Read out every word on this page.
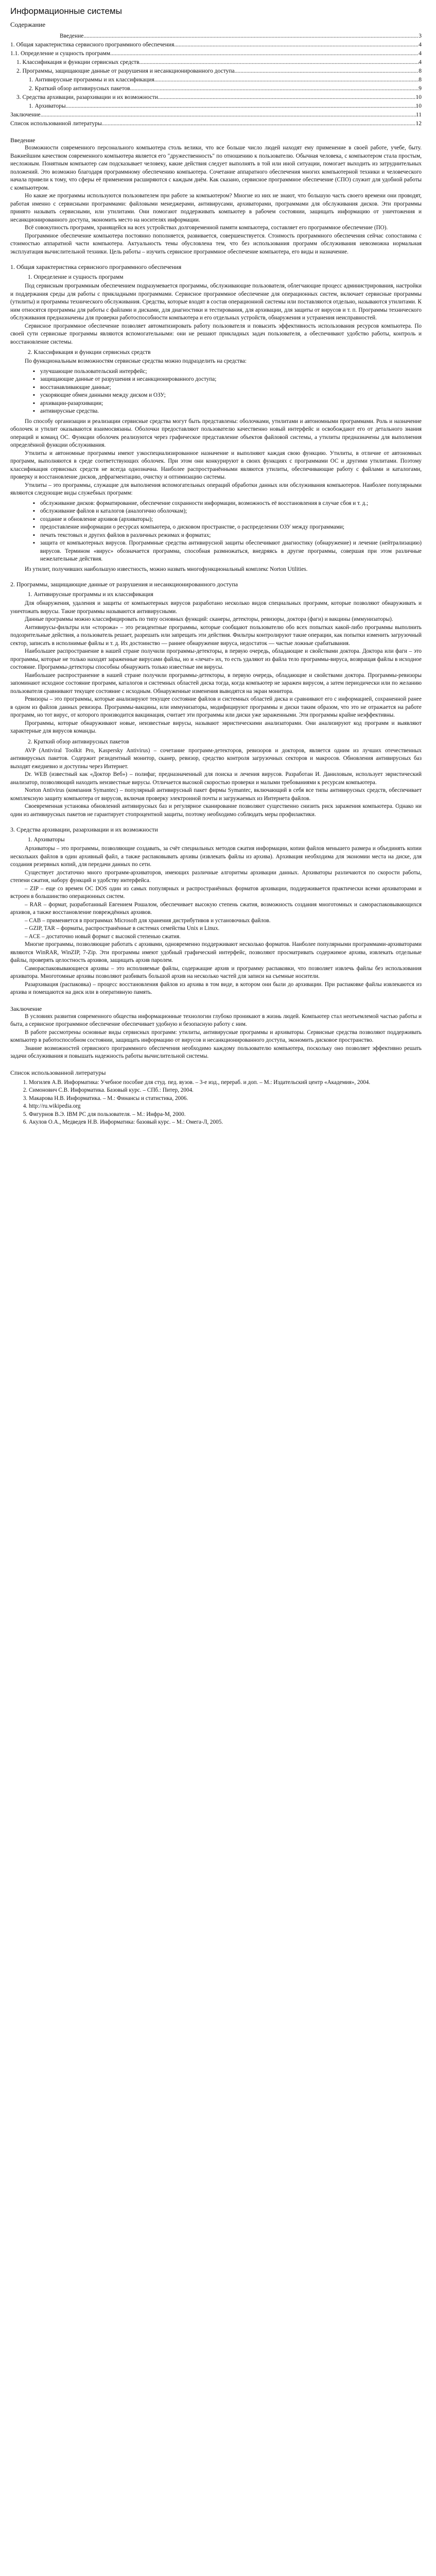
Информационные системы
Содержание
Введение .....	3
1. Общая характеристика сервисного программного обеспечения .....	4
1.1. Определение и сущность программ .....	4
1. Классификация и функции сервисных средств .....	4
2. Программы, защищающие данные от разрушения и несанкционированного доступа .....	8
1. Антивирусные программы и их классификация .....	8
2. Краткий обзор антивирусных пакетов .....	9
3. Средства архивации, разархивации и их возможности .....	10
1. Архиваторы .....	10
Заключение .....	11
Список использованной литературы .....	12
Введение

Возможности современного персонального компьютера столь велики, что все больше число людей находят ему применение в своей работе, учебе, быту. Важнейшим качеством современного компьютера является его "дружественность" по отношению к пользователю. Обычная человека, с компьютером стала простым, несложным. Понятным компьютер сам подсказывает человеку, какие действия следует выполнять в той или иной ситуации, помогает выходить из затруднительных положений. Это возможно благодаря программному обеспечению компьютера. Сочетание аппаратного обеспечения многих компьютерной техники и человеческого начала привели к тому, что сферы её применения расширяются с каждым днём. Как сказано, сервисное программное обеспечение (СПО) служит для удобной работы с компьютером.

Но какие же программы используются пользователем при работе за компьютером? Многие из них не знают, что большую часть своего времени они проводят, работая именно с сервисными программами: файловыми менеджерами, антивирусами, архиваторами, программами для обслуживания дисков. Эти программы принято называть сервисными, или утилитами. Они помогают поддерживать компьютер в рабочем состоянии, защищать информацию от уничтожения и несанкционированного доступа, экономить место на носителях информации.

Всё совокупность программ, хранящейся на всех устройствах долговременной памяти компьютера, составляет его программное обеспечение (ПО).

Программное обеспечение компьютера постоянно пополняется, развивается, совершенствуется. Стоимость программного обеспечения сейчас сопоставима с стоимостью аппаратной части компьютера. Актуальность темы обусловлена тем, что без использования программ обслуживания невозможна нормальная эксплуатация вычислительной техники. Цель работы – изучить сервисное программное обеспечение компьютера, его виды и назначение.

1. Общая характеристика сервисного программного обеспечения
1. Определение и сущность программ

Под сервисным программным обеспечением подразумевается программы, обслуживающие пользователя, облегчающие процесс администрирования, настройки и поддержания среды для работы с прикладными программами. Сервисное программное обеспечение для операционных систем, включает сервисные программы (утилиты) и программы технического обслуживания. Средства, которые входят в состав операционной системы или поставляются отдельно, называются утилитами. К ним относятся программы для работы с файлами и дисками, для диагностики и тестирования, для архивации, для защиты от вирусов и т. п. Программы технического обслуживания предназначены для проверки работоспособности компьютера и его отдельных устройств, обнаружения и устранения неисправностей.

Сервисное программное обеспечение позволяет автоматизировать работу пользователя и повысить эффективность использования ресурсов компьютера. По своей сути сервисные программы являются вспомогательными: они не решают прикладных задач пользователя, а обеспечивают удобство работы, контроль и восстановление системы.

2. Классификация и функции сервисных средств

По функциональным возможностям сервисные средства можно подразделить на средства:

▪ улучшающие пользовательский интерфейс;
▪ защищающие данные от разрушения и несанкционированного доступа;
▪ восстанавливающие данные;
▪ ускоряющие обмен данными между диском и ОЗУ;
▪ архивации-разархивации;
▪ антивирусные средства.

По способу организации и реализации сервисные средства могут быть представлены: оболочками, утилитами и автономными программами. Роль и назначение оболочек и утилит оказываются взаимосвязаны. Оболочки предоставляют пользователю качественно новый интерфейс и освобождают его от детального знания операций и команд ОС. Функции оболочек реализуются через графическое представление объектов файловой системы, а утилиты предназначены для выполнения определённой функции обслуживания.

Утилиты и автономные программы имеют узкоспециализированное назначение и выполняют каждая свою функцию. Утилиты, в отличие от автономных программ, выполняются в среде соответствующих оболочек. При этом они конкурируют в своих функциях с программами ОС и другими утилитами. Поэтому классификация сервисных средств не всегда однозначна. Наиболее распространёнными являются утилиты, обеспечивающие работу с файлами и каталогами, проверку и восстановление дисков, дефрагментацию, очистку и оптимизацию системы.

Утилиты – это программы, служащие для выполнения вспомогательных операций обработки данных или обслуживания компьютеров. Наиболее популярными являются следующие виды служебных программ:

▪ обслуживание дисков: форматирование, обеспечение сохранности информации, возможность её восстановления в случае сбоя и т. д.;
▪ обслуживание файлов и каталогов (аналогично оболочкам);
▪ создание и обновление архивов (архиваторы);
▪ предоставление информации о ресурсах компьютера, о дисковом пространстве, о распределении ОЗУ между программами;
▪ печать текстовых и других файлов в различных режимах и форматах;
▪ защита от компьютерных вирусов. Программные средства антивирусной защиты обеспечивают диагностику (обнаружение) и лечение (нейтрализацию) вирусов. Термином «вирус» обозначается программа, способная размножаться, внедряясь в другие программы, совершая при этом различные нежелательные действия.

Из утилит, получивших наибольшую известность, можно назвать многофункциональный комплекс Norton Utilities.

2. Программы, защищающие данные от разрушения и несанкционированного доступа
1. Антивирусные программы и их классификация

Для обнаружения, удаления и защиты от компьютерных вирусов разработано несколько видов специальных программ, которые позволяют обнаруживать и уничтожать вирусы. Такие программы называются антивирусными.

Данные программы можно классифицировать по типу основных функций: сканеры, детекторы, ревизоры, доктора (фаги) и вакцины (иммунизаторы).

Антивирусы-фильтры или «сторожа» – это резидентные программы, которые сообщают пользователю обо всех попытках какой-либо программы выполнить подозрительные действия, а пользователь решает, разрешать или запрещать эти действия. Фильтры контролируют такие операции, как попытки изменить загрузочный сектор, записать в исполнимые файлы и т. д. Их достоинство — раннее обнаружение вируса, недостаток — частые ложные срабатывания.

Наибольшее распространение в нашей стране получили программы-детекторы, в первую очередь, обладающие и свойствами доктора. Доктора или фаги – это программы, которые не только находят зараженные вирусами файлы, но и «лечат» их, то есть удаляют из файла тело программы-вируса, возвращая файлы в исходное состояние. Программы-детекторы способны обнаружить только известные им вирусы.

Наибольшее распространение в нашей стране получили программы-детекторы, в первую очередь, обладающие и свойствами доктора. Программы-ревизоры запоминают исходное состояние программ, каталогов и системных областей диска тогда, когда компьютер не заражен вирусом, а затем периодически или по желанию пользователя сравнивают текущее состояние с исходным. Обнаруженные изменения выводятся на экран монитора.

Ревизоры – это программы, которые анализируют текущее состояние файлов и системных областей диска и сравнивают его с информацией, сохраненной ранее в одном из файлов данных ревизора. Программы-вакцины, или иммунизаторы, модифицируют программы и диски таким образом, что это не отражается на работе программ, но тот вирус, от которого производится вакцинация, считает эти программы или диски уже зараженными. Эти программы крайне неэффективны.

Программы, которые обнаруживают новые, неизвестные вирусы, называют эвристическими анализаторами. Они анализируют код программ и выявляют характерные для вирусов команды.

2. Краткий обзор антивирусных пакетов

AVP (Antiviral Toolkit Pro, Kaspersky Antivirus) – сочетание программ-детекторов, ревизоров и докторов, является одним из лучших отечественных антивирусных пакетов. Содержит резидентный монитор, сканер, ревизор, средство контроля загрузочных секторов и макросов. Обновления антивирусных баз выходят ежедневно и доступны через Интернет.

Dr. WEB (известный как «Доктор Веб») – полифаг, предназначенный для поиска и лечения вирусов. Разработан И. Даниловым, использует эвристический анализатор, позволяющий находить неизвестные вирусы. Отличается высокой скоростью проверки и малыми требованиями к ресурсам компьютера.

Norton Antivirus (компания Symantec) – популярный антивирусный пакет фирмы Symantec, включающий в себя все типы антивирусных средств, обеспечивает комплексную защиту компьютера от вирусов, включая проверку электронной почты и загружаемых из Интернета файлов.

Своевременная установка обновлений антивирусных баз и регулярное сканирование позволяют существенно снизить риск заражения компьютера. Однако ни один из антивирусных пакетов не гарантирует стопроцентной защиты, поэтому необходимо соблюдать меры профилактики.

3. Средства архивации, разархивации и их возможности
1. Архиваторы

Архиваторы – это программы, позволяющие создавать, за счёт специальных методов сжатия информации, копии файлов меньшего размера и объединять копии нескольких файлов в один архивный файл, а также распаковывать архивы (извлекать файлы из архива). Архивация необходима для экономии места на диске, для создания резервных копий, для передачи данных по сети.

Существует достаточно много программ-архиваторов, имеющих различные алгоритмы архивации данных. Архиваторы различаются по скорости работы, степени сжатия, набору функций и удобству интерфейса.

– ZIP – еще со времен ОС DOS один из самых популярных и распространённых форматов архивации, поддерживается практически всеми архиваторами и встроен в большинство операционных систем.

– RAR – формат, разработанный Евгением Рошалом, обеспечивает высокую степень сжатия, возможность создания многотомных и самораспаковывающихся архивов, а также восстановление повреждённых архивов.

– CAB – применяется в программах Microsoft для хранения дистрибутивов и установочных файлов.

– GZIP, TAR – форматы, распространённые в системах семейства Unix и Linux.

– ACE – достаточно новый формат с высокой степенью сжатия.

Многие программы, позволяющие работать с архивами, одновременно поддерживают несколько форматов. Наиболее популярными программами-архиваторами являются WinRAR, WinZIP, 7-Zip. Эти программы имеют удобный графический интерфейс, позволяют просматривать содержимое архива, извлекать отдельные файлы, проверять целостность архивов, защищать архив паролем.

Самораспаковывающиеся архивы – это исполняемые файлы, содержащие архив и программу распаковки, что позволяет извлечь файлы без использования архиватора. Многотомные архивы позволяют разбивать большой архив на несколько частей для записи на съемные носители.

Разархивация (распаковка) – процесс восстановления файлов из архива в том виде, в котором они были до архивации. При распаковке файлы извлекаются из архива и помещаются на диск или в оперативную память.

Заключение

В условиях развития современного общества информационные технологии глубоко проникают в жизнь людей. Компьютер стал неотъемлемой частью работы и быта, а сервисное программное обеспечение обеспечивает удобную и безопасную работу с ним.

В работе рассмотрены основные виды сервисных программ: утилиты, антивирусные программы и архиваторы. Сервисные средства позволяют поддерживать компьютер в работоспособном состоянии, защищать информацию от вирусов и несанкционированного доступа, экономить дисковое пространство.

Знание возможностей сервисного программного обеспечения необходимо каждому пользователю компьютера, поскольку оно позволяет эффективно решать задачи обслуживания и повышать надежность работы вычислительной системы.

Список использованной литературы
1. Могилев А.В. Информатика: Учебное пособие для студ. пед. вузов. – 3-е изд., перераб. и доп. – М.: Издательский центр «Академия», 2004.
2. Симонович С.В. Информатика. Базовый курс. – СПб.: Питер, 2004.
3. Макарова Н.В. Информатика. – М.: Финансы и статистика, 2006.
4. http://ru.wikipedia.org
5. Фигурнов В.Э. IBM PC для пользователя. – М.: Инфра-М, 2000.
6. Акулов О.А., Медведев Н.В. Информатика: базовый курс. – М.: Омега-Л, 2005.
